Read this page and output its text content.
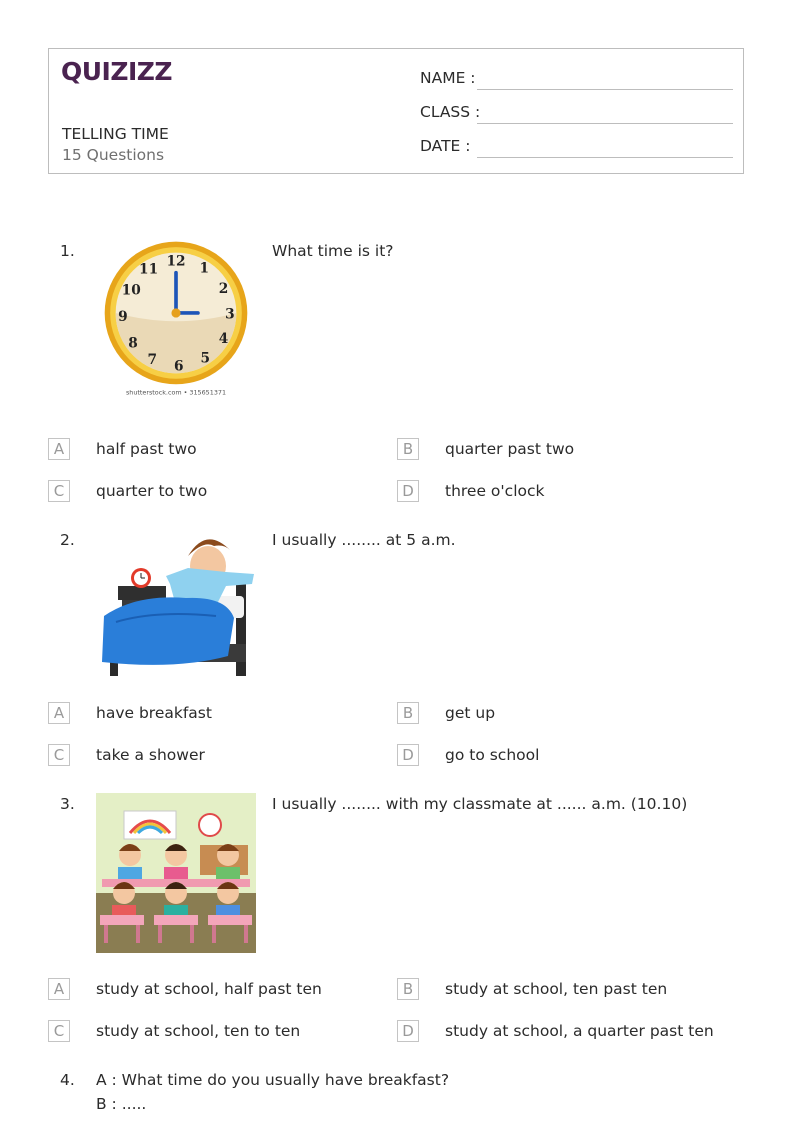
QUIZIZZ
TELLING TIME
15 Questions
NAME :
CLASS :
DATE :
1.	What time is it?
12 1
2
3
4
5
6
7
8
9
10
11
shutterstock.com • 315651371
A	half past two	B	quarter past two
C	quarter to two	D	three o'clock
2.	I usually ........ at 5 a.m.
A	have breakfast	B	get up
C	take a shower	D	go to school
3.	I usually ........ with my classmate at ...... a.m. (10.10)
A	study at school, half past ten	B	study at school, ten past ten
C	study at school, ten to ten	D	study at school, a quarter past ten
4. A : What time do you usually have breakfast?
B : .....
